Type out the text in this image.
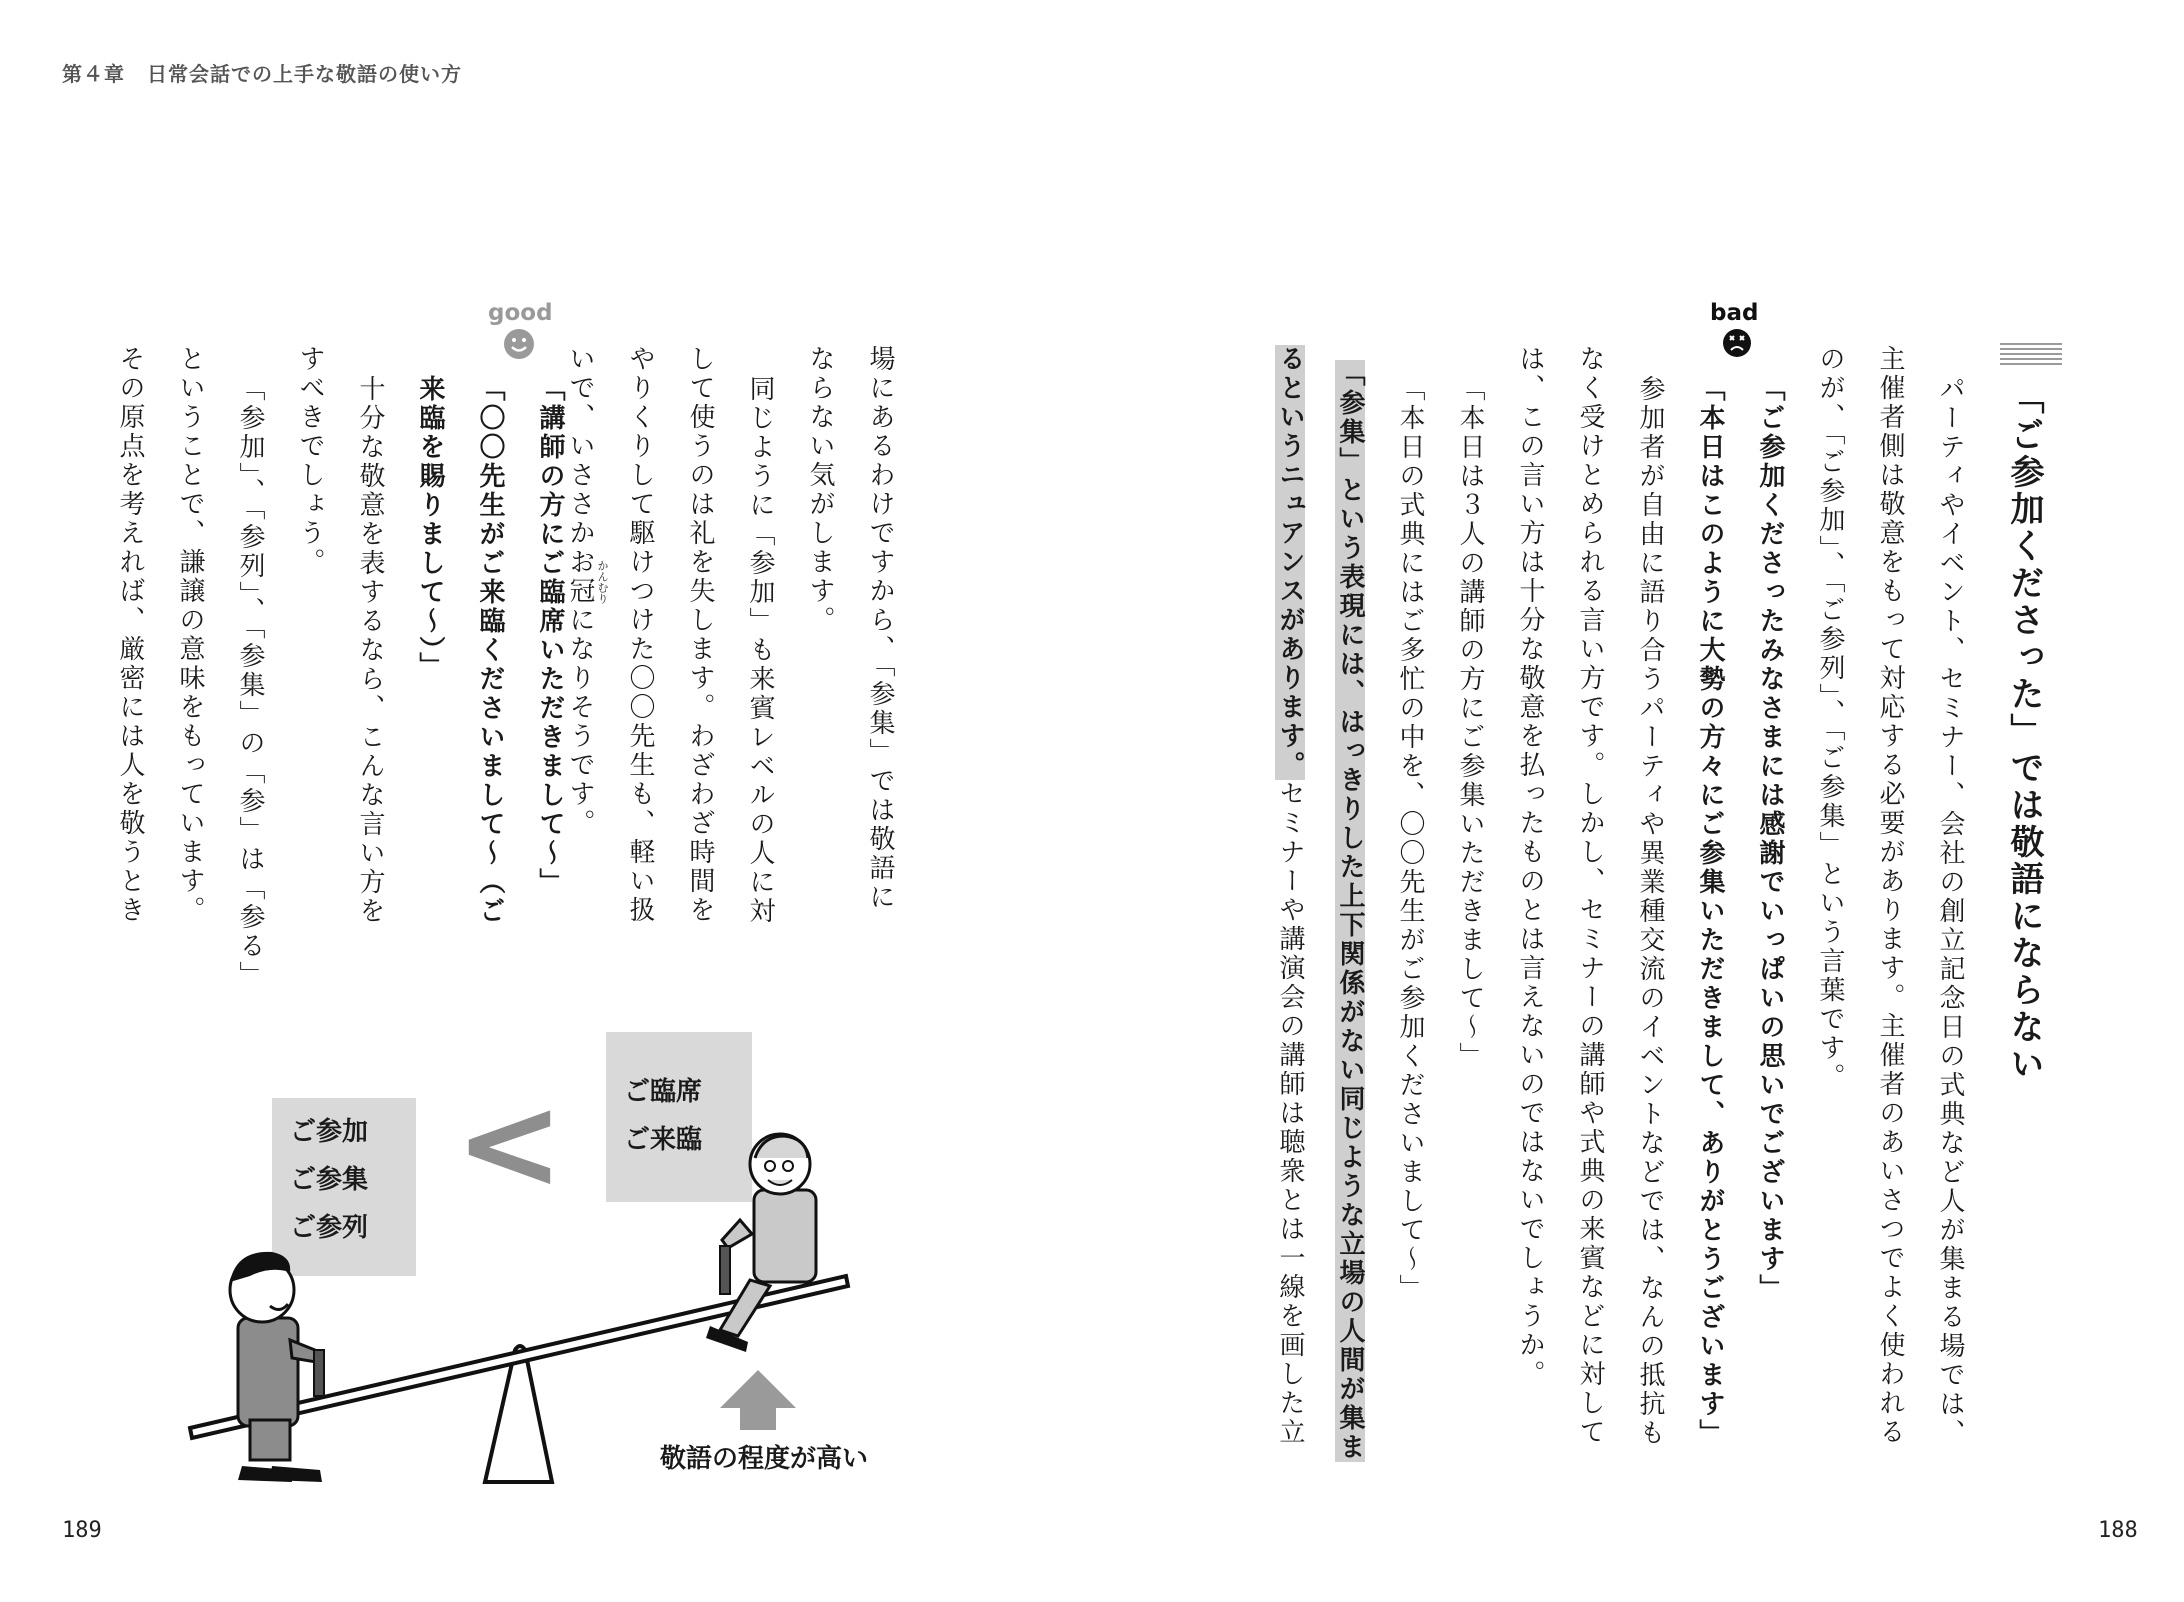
第４章 日常会話での上手な敬語の使い方
189	188
「ご参加くださった」では敬語にならない
パーティやイベント、セミナー、会社の創立記念日の式典など人が集まる場では、
主催者側は敬意をもって対応する必要があります。主催者のあいさつでよく使われる
のが、「ご参加」、「ご参列」、「ご参集」という言葉です。
bad
「ご参加くださったみなさまには感謝でいっぱいの思いでございます」
「本日はこのように大勢の方々にご参集いただきまして、ありがとうございます」
参加者が自由に語り合うパーティや異業種交流のイベントなどでは、なんの抵抗も
なく受けとめられる言い方です。しかし、セミナーの講師や式典の来賓などに対して
は、この言い方は十分な敬意を払ったものとは言えないのではないでしょうか。
「本日は３人の講師の方にご参集いただきまして〜」
「本日の式典にはご多忙の中を、〇〇先生がご参加くださいまして〜」
「参集」という表現には、はっきりした上下関係がない同じような立場の人間が集ま
るというニュアンスがあります。セミナーや講演会の講師は聴衆とは一線を画した立
場にあるわけですから、「参集」では敬語に
ならない気がします。
同じように「参加」も来賓レベルの人に対
して使うのは礼を失します。わざわざ時間を
やりくりして駆けつけた〇〇先生も、軽い扱
いで、いささかお冠になりそうです。 かんむり
good
「講師の方にご臨席いただきまして〜」
「〇〇先生がご来臨くださいまして〜（ご
来臨を賜りまして〜）」
十分な敬意を表するなら、こんな言い方を
すべきでしょう。
「参加」、「参列」、「参集」の「参」は「参る」
ということで、謙譲の意味をもっています。
その原点を考えれば、厳密には人を敬うとき
ご参加
ご参集
ご参列
ご臨席
ご来臨
<
敬語の程度が高い
